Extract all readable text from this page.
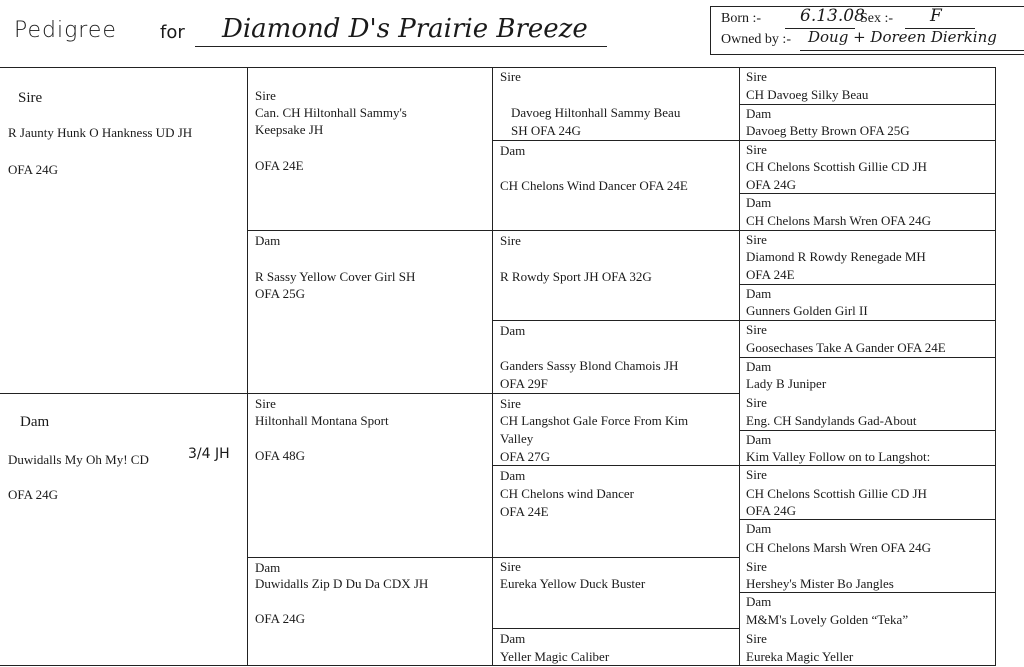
Pedigree for Diamond D's Prairie Breeze	Born :- 6.13.08
Sex :- F
Owned by :- Doug + Doreen Dierking
Sire
R Jaunty Hunk O Hankness UD JH
OFA 24G
Dam
Duwidalls My Oh My! CD	3/4 JH
OFA 24G
Sire
Can. CH Hiltonhall Sammy's
Keepsake JH
OFA 24E
Dam
R Sassy Yellow Cover Girl SH
OFA 25G
Sire
Hiltonhall Montana Sport
OFA 48G
Dam
Duwidalls Zip D Du Da CDX JH
OFA 24G
Sire
Davoeg Hiltonhall Sammy Beau
SH OFA 24G
Dam
CH Chelons Wind Dancer OFA 24E
Sire
R Rowdy Sport JH OFA 32G
Dam
Ganders Sassy Blond Chamois JH
OFA 29F
Sire
CH Langshot Gale Force From Kim
Valley
OFA 27G
Dam
CH Chelons wind Dancer
OFA 24E
Sire
Eureka Yellow Duck Buster
Dam
Yeller Magic Caliber
Sire
CH Davoeg Silky Beau
Dam
Davoeg Betty Brown OFA 25G
Sire
CH Chelons Scottish Gillie CD JH
OFA 24G
Dam
CH Chelons Marsh Wren OFA 24G
Sire
Diamond R Rowdy Renegade MH
OFA 24E
Dam
Gunners Golden Girl II
Sire
Goosechases Take A Gander OFA 24E
Dam
Lady B Juniper
Sire
Eng. CH Sandylands Gad-About
Dam
Kim Valley Follow on to Langshot:
Sire
CH Chelons Scottish Gillie CD JH
OFA 24G
Dam
CH Chelons Marsh Wren OFA 24G
Sire
Hershey's Mister Bo Jangles
Dam
M&M's Lovely Golden “Teka”
Sire
Eureka Magic Yeller
